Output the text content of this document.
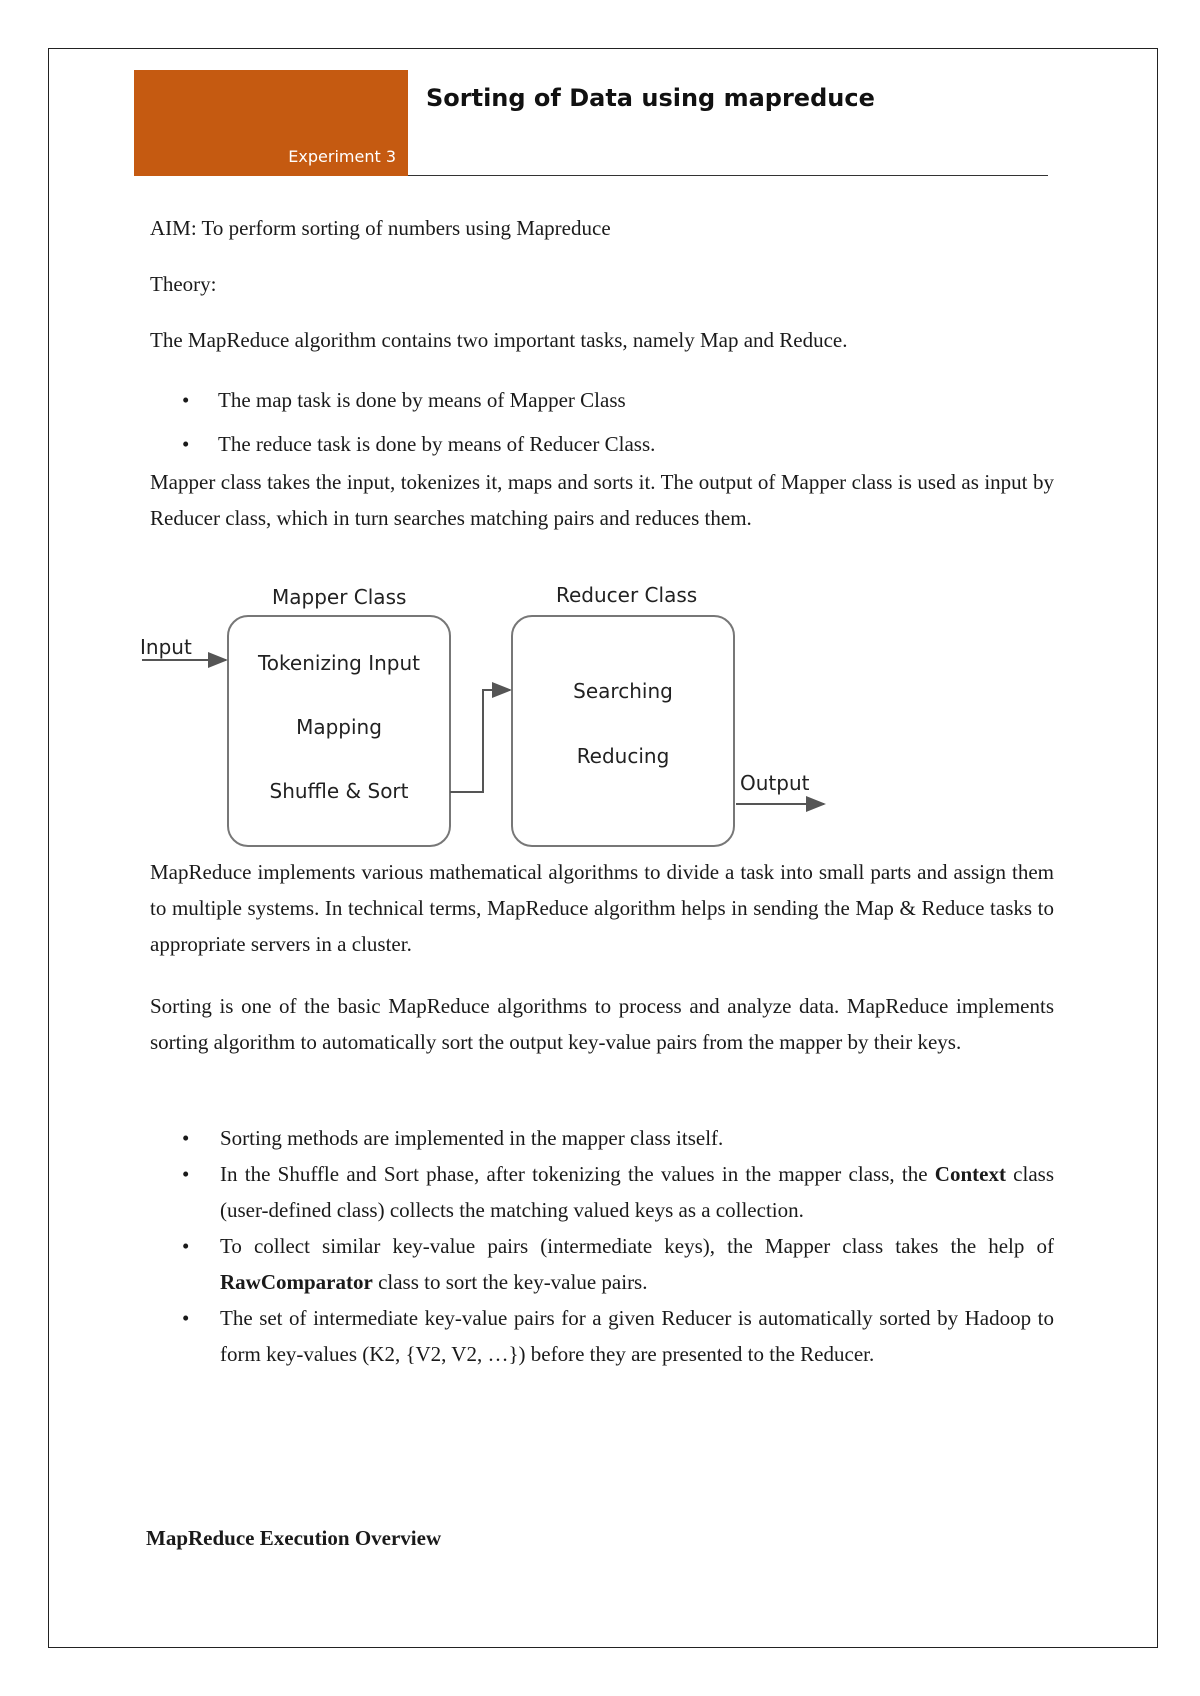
Experiment 3
Sorting of Data using mapreduce

AIM: To perform sorting of numbers using Mapreduce

Theory:

The MapReduce algorithm contains two important tasks, namely Map and Reduce.

• The map task is done by means of Mapper Class
• The reduce task is done by means of Reducer Class.

Mapper class takes the input, tokenizes it, maps and sorts it. The output of Mapper class is used as input by Reducer class, which in turn searches matching pairs and reduces them.

Mapper Class	Reducer Class
Input
Tokenizing Input
Mapping
Shuffle & Sort
Searching
Reducing
Output

MapReduce implements various mathematical algorithms to divide a task into small parts and assign them to multiple systems. In technical terms, MapReduce algorithm helps in sending the Map & Reduce tasks to appropriate servers in a cluster.

Sorting is one of the basic MapReduce algorithms to process and analyze data. MapReduce implements sorting algorithm to automatically sort the output key-value pairs from the mapper by their keys.

• Sorting methods are implemented in the mapper class itself.
• In the Shuffle and Sort phase, after tokenizing the values in the mapper class, the Context class (user-defined class) collects the matching valued keys as a collection.
• To collect similar key-value pairs (intermediate keys), the Mapper class takes the help of RawComparator class to sort the key-value pairs.
• The set of intermediate key-value pairs for a given Reducer is automatically sorted by Hadoop to form key-values (K2, {V2, V2, …}) before they are presented to the Reducer.
MapReduce Execution Overview
